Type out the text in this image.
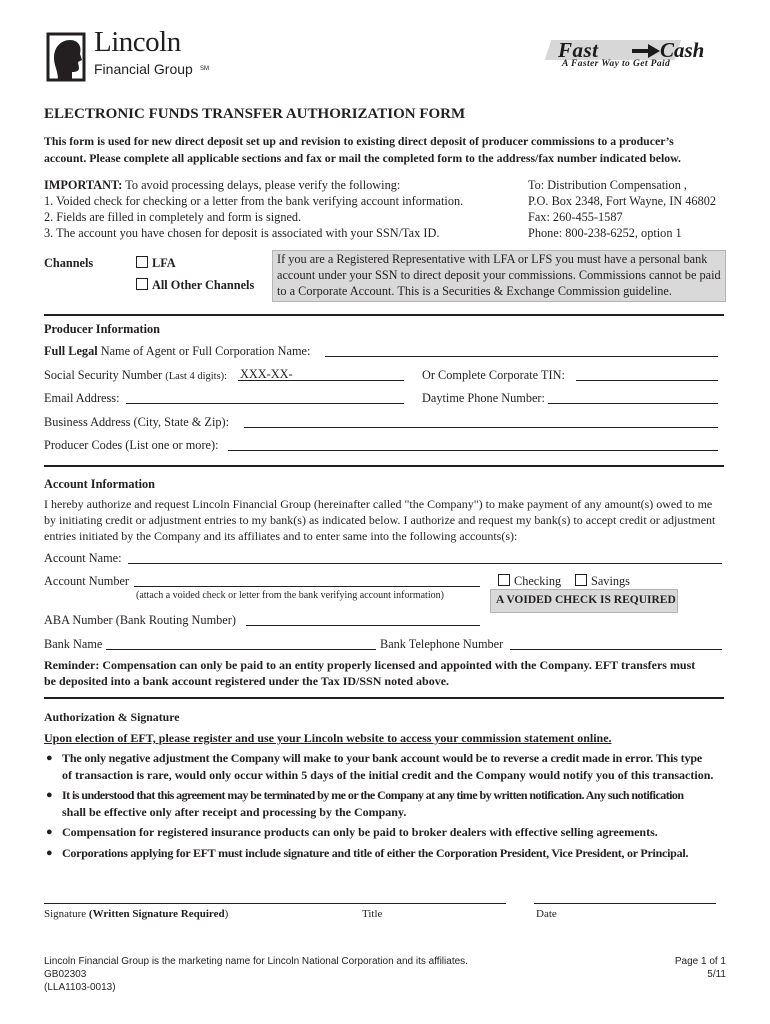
Lincoln
Financial Group SM
Fast	Cash
A Faster Way to Get Paid
ELECTRONIC FUNDS TRANSFER AUTHORIZATION FORM
This form is used for new direct deposit set up and revision to existing direct deposit of producer commissions to a producer’s
account. Please complete all applicable sections and fax or mail the completed form to the address/fax number indicated below.
IMPORTANT: To avoid processing delays, please verify the following:
1. Voided check for checking or a letter from the bank verifying account information.
2. Fields are filled in completely and form is signed.
3. The account you have chosen for deposit is associated with your SSN/Tax ID.
To: Distribution Compensation ,
P.O. Box 2348, Fort Wayne, IN 46802
Fax: 260-455-1587
Phone: 800-238-6252, option 1
Channels	LFA
All Other Channels
If you are a Registered Representative with LFA or LFS you must have a personal bank
account under your SSN to direct deposit your commissions. Commissions cannot be paid
to a Corporate Account. This is a Securities & Exchange Commission guideline.
Producer Information
Full Legal Name of Agent or Full Corporation Name:
Social Security Number (Last 4 digits): XXX-XX-	Or Complete Corporate TIN:
Email Address:	Daytime Phone Number:
Business Address (City, State & Zip):
Producer Codes (List one or more):
Account Information
I hereby authorize and request Lincoln Financial Group (hereinafter called "the Company") to make payment of any amount(s) owed to me
by initiating credit or adjustment entries to my bank(s) as indicated below. I authorize and request my bank(s) to accept credit or adjustment
entries initiated by the Company and its affiliates and to enter same into the following accounts(s):
Account Name:
Account Number
(attach a voided check or letter from the bank verifying account information)
Checking	Savings
A VOIDED CHECK IS REQUIRED
ABA Number (Bank Routing Number)
Bank Name	Bank Telephone Number
Reminder: Compensation can only be paid to an entity properly licensed and appointed with the Company. EFT transfers must
be deposited into a bank account registered under the Tax ID/SSN noted above.
Authorization & Signature
Upon election of EFT, please register and use your Lincoln website to access your commission statement online.
● The only negative adjustment the Company will make to your bank account would be to reverse a credit made in error. This type
of transaction is rare, would only occur within 5 days of the initial credit and the Company would notify you of this transaction.
● It is understood that this agreement may be terminated by me or the Company at any time by written notification. Any such notification
shall be effective only after receipt and processing by the Company.
● Compensation for registered insurance products can only be paid to broker dealers with effective selling agreements.
● Corporations applying for EFT must include signature and title of either the Corporation President, Vice President, or Principal.
Signature (Written Signature Required)	Title	Date
Lincoln Financial Group is the marketing name for Lincoln National Corporation and its affiliates.
GB02303
(LLA1103-0013)
Page 1 of 1
5/11
